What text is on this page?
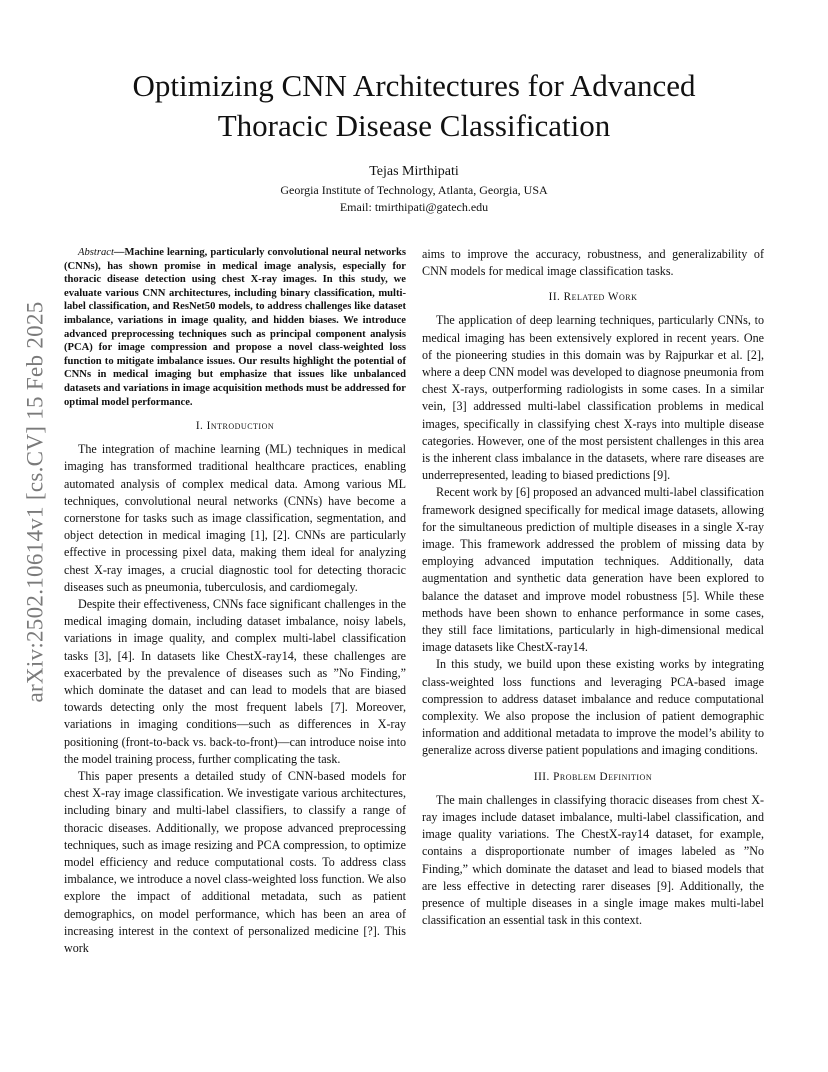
arXiv:2502.10614v1 [cs.CV] 15 Feb 2025
Optimizing CNN Architectures for Advanced
Thoracic Disease Classification
Tejas Mirthipati
Georgia Institute of Technology, Atlanta, Georgia, USA
Email: tmirthipati@gatech.edu

Abstract—Machine learning, particularly convolutional neural networks (CNNs), has shown promise in medical image analysis, especially for thoracic disease detection using chest X-ray images. In this study, we evaluate various CNN architectures, including binary classification, multi-label classification, and ResNet50 models, to address challenges like dataset imbalance, variations in image quality, and hidden biases. We introduce advanced preprocessing techniques such as principal component analysis (PCA) for image compression and propose a novel class-weighted loss function to mitigate imbalance issues. Our results highlight the potential of CNNs in medical imaging but emphasize that issues like unbalanced datasets and variations in image acquisition methods must be addressed for optimal model performance.

I. Introduction

The integration of machine learning (ML) techniques in medical imaging has transformed traditional healthcare practices, enabling automated analysis of complex medical data. Among various ML techniques, convolutional neural networks (CNNs) have become a cornerstone for tasks such as image classification, segmentation, and object detection in medical imaging [1], [2]. CNNs are particularly effective in processing pixel data, making them ideal for analyzing chest X-ray images, a crucial diagnostic tool for detecting thoracic diseases such as pneumonia, tuberculosis, and cardiomegaly.

Despite their effectiveness, CNNs face significant challenges in the medical imaging domain, including dataset imbalance, noisy labels, variations in image quality, and complex multi-label classification tasks [3], [4]. In datasets like ChestX-ray14, these challenges are exacerbated by the prevalence of diseases such as ”No Finding,” which dominate the dataset and can lead to models that are biased towards detecting only the most frequent labels [7]. Moreover, variations in imaging conditions—such as differences in X-ray positioning (front-to-back vs. back-to-front)—can introduce noise into the model training process, further complicating the task.

This paper presents a detailed study of CNN-based models for chest X-ray image classification. We investigate various architectures, including binary and multi-label classifiers, to classify a range of thoracic diseases. Additionally, we propose advanced preprocessing techniques, such as image resizing and PCA compression, to optimize model efficiency and reduce computational costs. To address class imbalance, we introduce a novel class-weighted loss function. We also explore the impact of additional metadata, such as patient demographics, on model performance, which has been an area of increasing interest in the context of personalized medicine [?]. This work

aims to improve the accuracy, robustness, and generalizability of CNN models for medical image classification tasks.

II. Related Work

The application of deep learning techniques, particularly CNNs, to medical imaging has been extensively explored in recent years. One of the pioneering studies in this domain was by Rajpurkar et al. [2], where a deep CNN model was developed to diagnose pneumonia from chest X-rays, outperforming radiologists in some cases. In a similar vein, [3] addressed multi-label classification problems in medical images, specifically in classifying chest X-rays into multiple disease categories. However, one of the most persistent challenges in this area is the inherent class imbalance in the datasets, where rare diseases are underrepresented, leading to biased predictions [9].

Recent work by [6] proposed an advanced multi-label classification framework designed specifically for medical image datasets, allowing for the simultaneous prediction of multiple diseases in a single X-ray image. This framework addressed the problem of missing data by employing advanced imputation techniques. Additionally, data augmentation and synthetic data generation have been explored to balance the dataset and improve model robustness [5]. While these methods have been shown to enhance performance in some cases, they still face limitations, particularly in high-dimensional medical image datasets like ChestX-ray14.

In this study, we build upon these existing works by integrating class-weighted loss functions and leveraging PCA-based image compression to address dataset imbalance and reduce computational complexity. We also propose the inclusion of patient demographic information and additional metadata to improve the model’s ability to generalize across diverse patient populations and imaging conditions.

III. Problem Definition

The main challenges in classifying thoracic diseases from chest X-ray images include dataset imbalance, multi-label classification, and image quality variations. The ChestX-ray14 dataset, for example, contains a disproportionate number of images labeled as ”No Finding,” which dominate the dataset and lead to biased models that are less effective in detecting rarer diseases [9]. Additionally, the presence of multiple diseases in a single image makes multi-label classification an essential task in this context.
